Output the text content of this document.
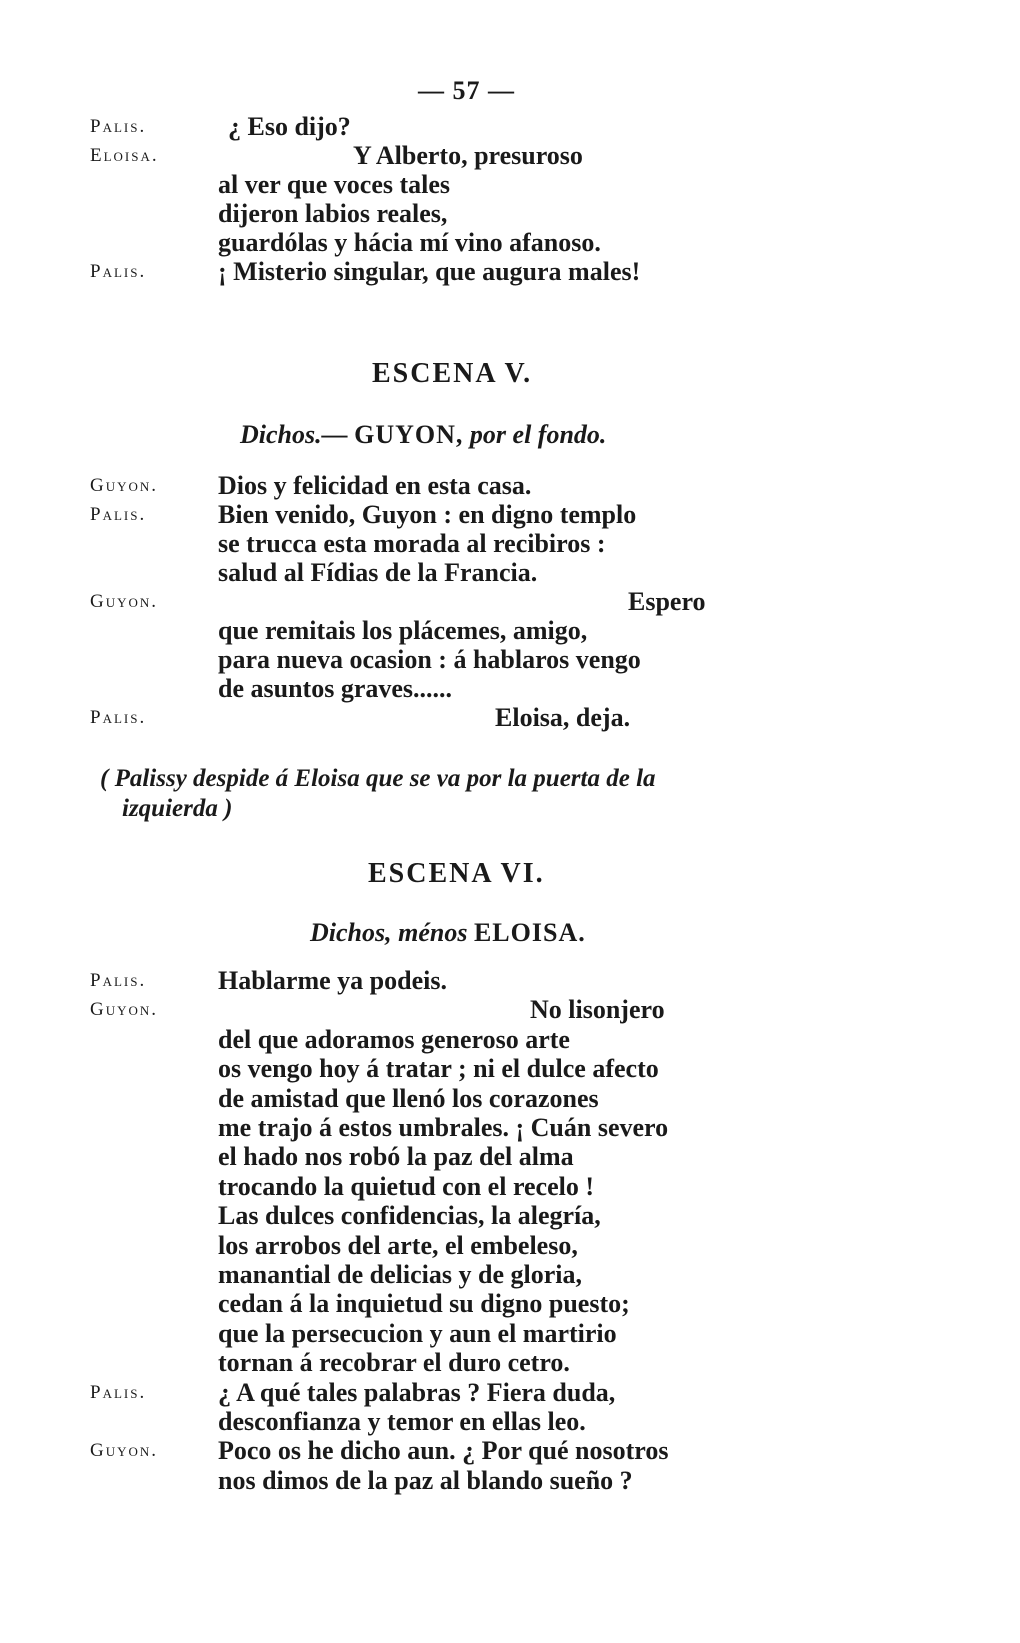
— 57 —
Palis.	¿ Eso dijo?
Eloisa.	Y Alberto, presuroso
al ver que voces tales
dijeron labios reales,
guardólas y hácia mí vino afanoso.
Palis.	¡ Misterio singular, que augura males!
ESCENA V.
Dichos.— GUYON, por el fondo.
Guyon.	Dios y felicidad en esta casa.
Palis.	Bien venido, Guyon : en digno templo
se trucca esta morada al recibiros :
salud al Fídias de la Francia.
Guyon.	Espero
que remitais los plácemes, amigo,
para nueva ocasion : á hablaros vengo
de asuntos graves......
Palis.	Eloisa, deja.
( Palissy despide á Eloisa que se va por la puerta de la
izquierda )
ESCENA VI.
Dichos, ménos ELOISA.
Palis.	Hablarme ya podeis.
Guyon.	No lisonjero
del que adoramos generoso arte
os vengo hoy á tratar ; ni el dulce afecto
de amistad que llenó los corazones
me trajo á estos umbrales. ¡ Cuán severo
el hado nos robó la paz del alma
trocando la quietud con el recelo !
Las dulces confidencias, la alegría,
los arrobos del arte, el embeleso,
manantial de delicias y de gloria,
cedan á la inquietud su digno puesto;
que la persecucion y aun el martirio
tornan á recobrar el duro cetro.
Palis.	¿ A qué tales palabras ? Fiera duda,
desconfianza y temor en ellas leo.
Guyon.	Poco os he dicho aun. ¿ Por qué nosotros
nos dimos de la paz al blando sueño ?
